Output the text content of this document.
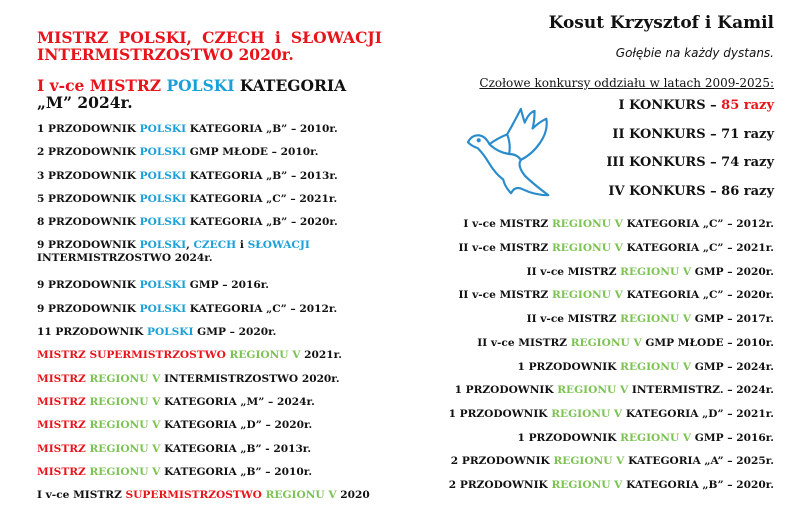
MISTRZ POLSKI, CZECH i SŁOWACJI INTERMISTRZOSTWO 2020r.
I v-ce MISTRZ POLSKI KATEGORIA „M” 2024r.
1 PRZODOWNIK POLSKI KATEGORIA „B” – 2010r.
2 PRZODOWNIK POLSKI GMP MŁODE – 2010r.
3 PRZODOWNIK POLSKI KATEGORIA „B” – 2013r.
5 PRZODOWNIK POLSKI KATEGORIA „C” – 2021r.
8 PRZODOWNIK POLSKI KATEGORIA „B” – 2020r.
9 PRZODOWNIK POLSKI, CZECH i SŁOWACJI INTERMISTRZOSTWO 2024r.
9 PRZODOWNIK POLSKI GMP – 2016r.
9 PRZODOWNIK POLSKI KATEGORIA „C” – 2012r.
11 PRZODOWNIK POLSKI GMP – 2020r.
MISTRZ SUPERMISTRZOSTWO REGIONU V 2021r.
MISTRZ REGIONU V INTERMISTRZOSTWO 2020r.
MISTRZ REGIONU V KATEGORIA „M” – 2024r.
MISTRZ REGIONU V KATEGORIA „D” – 2020r.
MISTRZ REGIONU V KATEGORIA „B” - 2013r.
MISTRZ REGIONU V KATEGORIA „B” – 2010r.
I v-ce MISTRZ SUPERMISTRZOSTWO REGIONU V 2020
Kosut Krzysztof i Kamil
Gołębie na każdy dystans.
Czołowe konkursy oddziału w latach 2009-2025:
I KONKURS – 85 razy
II KONKURS – 71 razy
III KONKURS – 74 razy
IV KONKURS – 86 razy
I v-ce MISTRZ REGIONU V KATEGORIA „C” – 2012r.
II v-ce MISTRZ REGIONU V KATEGORIA „C” – 2021r.
II v-ce MISTRZ REGIONU V GMP – 2020r.
II v-ce MISTRZ REGIONU V KATEGORIA „C” – 2020r.
II v-ce MISTRZ REGIONU V GMP – 2017r.
II v-ce MISTRZ REGIONU V GMP MŁODE – 2010r.
1 PRZODOWNIK REGIONU V GMP – 2024r.
1 PRZODOWNIK REGIONU V INTERMISTRZ. – 2024r.
1 PRZODOWNIK REGIONU V KATEGORIA „D” – 2021r.
1 PRZODOWNIK REGIONU V GMP – 2016r.
2 PRZODOWNIK REGIONU V KATEGORIA „A” – 2025r.
2 PRZODOWNIK REGIONU V KATEGORIA „B” – 2020r.
